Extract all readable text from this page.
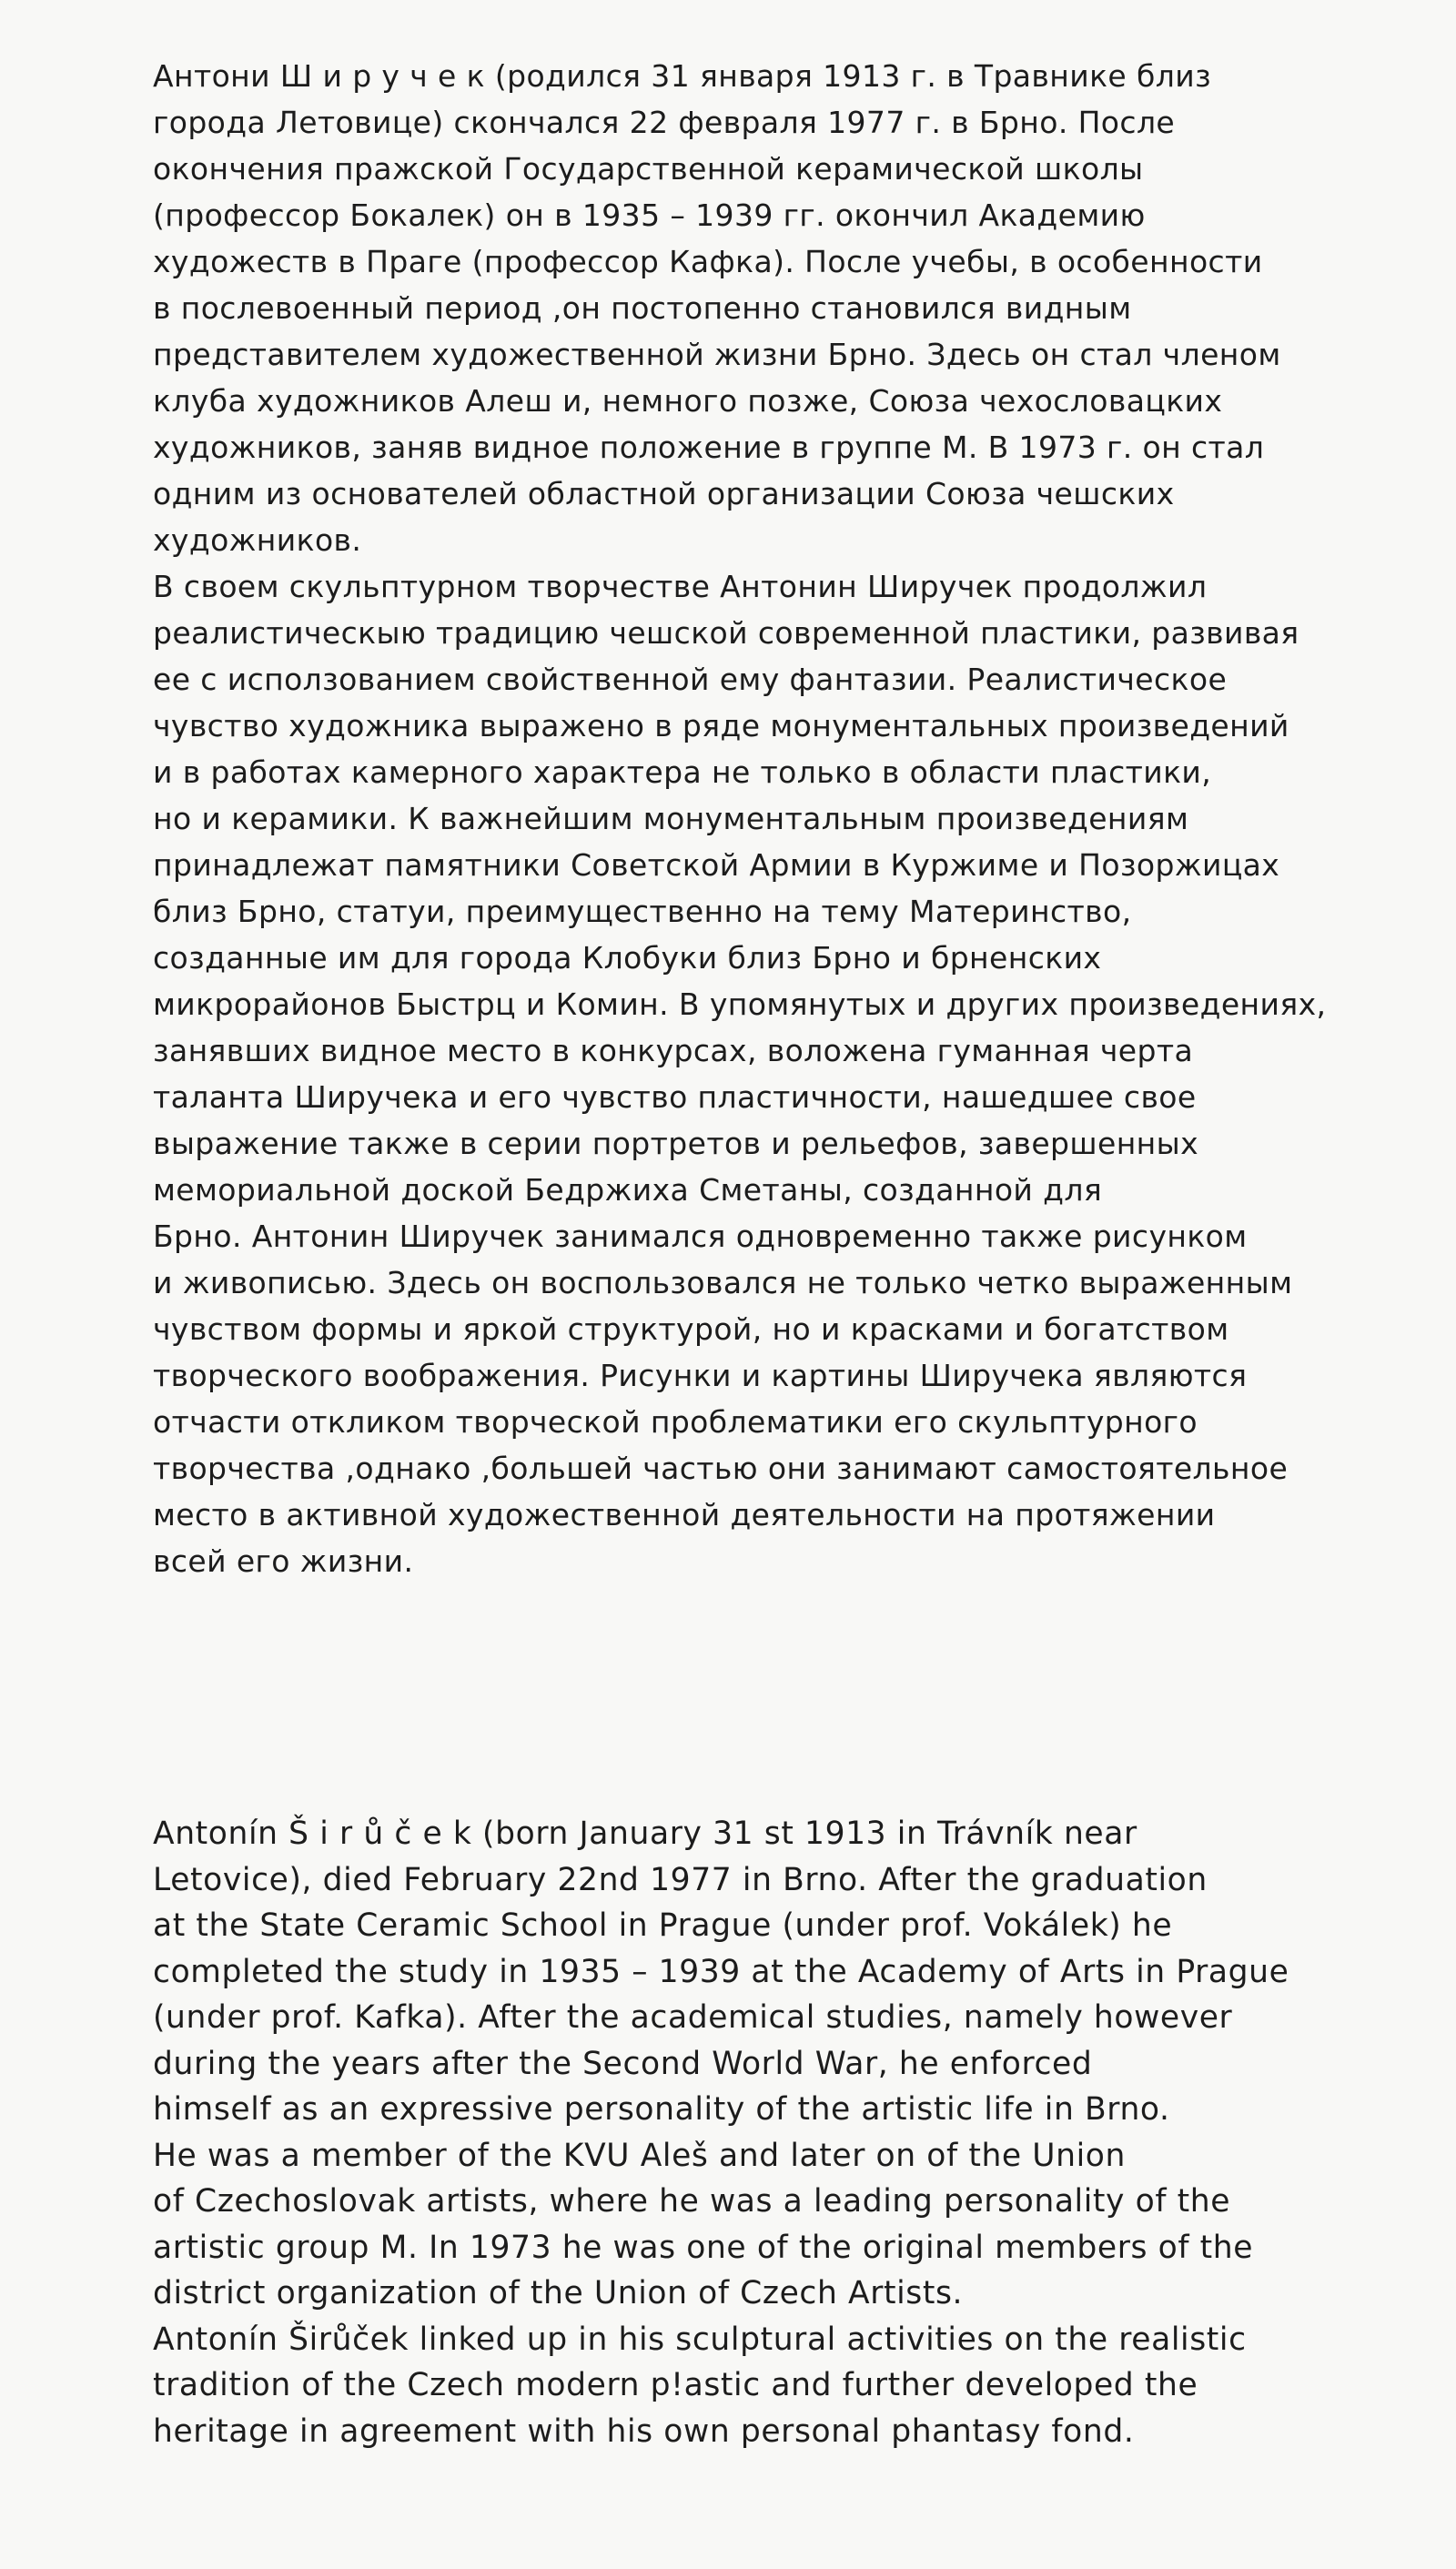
Антони Ш и р у ч е к (родился 31 января 1913 г. в Травнике близ
города Летовице) скончался 22 февраля 1977 г. в Брно. После
окончения пражской Государственной керамической школы
(профессор Бокалек) он в 1935 – 1939 гг. окончил Академию
художеств в Праге (профессор Кафка). После учебы, в особенности
в послевоенный период ,он постопенно становился видным
представителем художественной жизни Брно. Здесь он стал членом
клуба художников Алеш и, немного позже, Союза чехословацких
художников, заняв видное положение в группе М. В 1973 г. он стал
одним из основателей областной организации Союза чешских
художников.
В своем скульптурном творчестве Антонин Ширучек продолжил
реалистическыю традицию чешской современной пластики, развивая
ее с исползованием свойственной ему фантазии. Реалистическое
чувство художника выражено в ряде монументальных произведений
и в работах камерного характера не только в области пластики,
но и керамики. К важнейшим монументальным произведениям
принадлежат памятники Советской Армии в Куржиме и Позоржицах
близ Брно, статуи, преимущественно на тему Материнство,
созданные им для города Клобуки близ Брно и брненских
микрорайонов Быстрц и Комин. В упомянутых и других произведениях,
занявших видное место в конкурсах, воложена гуманная черта
таланта Ширучека и его чувство пластичности, нашедшее свое
выражение также в серии портретов и рельефов, завершенных
мемориальной доской Бедржиха Сметаны, созданной для
Брно. Антонин Ширучек занимался одновременно также рисунком
и живописью. Здесь он воспользовался не только четко выраженным
чувством формы и яркой структурой, но и красками и богатством
творческого воображения. Рисунки и картины Ширучека являются
отчасти откликом творческой проблематики его скульптурного
творчества ,однако ,большей частью они занимают самостоятельное
место в активной художественной деятельности на протяжении
всей его жизни.
Antonín Š i r ů č e k (born January 31 st 1913 in Trávník near
Letovice), died February 22nd 1977 in Brno. After the graduation
at the State Ceramic School in Prague (under prof. Vokálek) he
completed the study in 1935 – 1939 at the Academy of Arts in Prague
(under prof. Kafka). After the academical studies, namely however
during the years after the Second World War, he enforced
himself as an expressive personality of the artistic life in Brno.
He was a member of the KVU Aleš and later on of the Union
of Czechoslovak artists, where he was a leading personality of the
artistic group M. In 1973 he was one of the original members of the
district organization of the Union of Czech Artists.
Antonín Širůček linked up in his sculptural activities on the realistic
tradition of the Czech modern p!astic and further developed the
heritage in agreement with his own personal phantasy fond.
